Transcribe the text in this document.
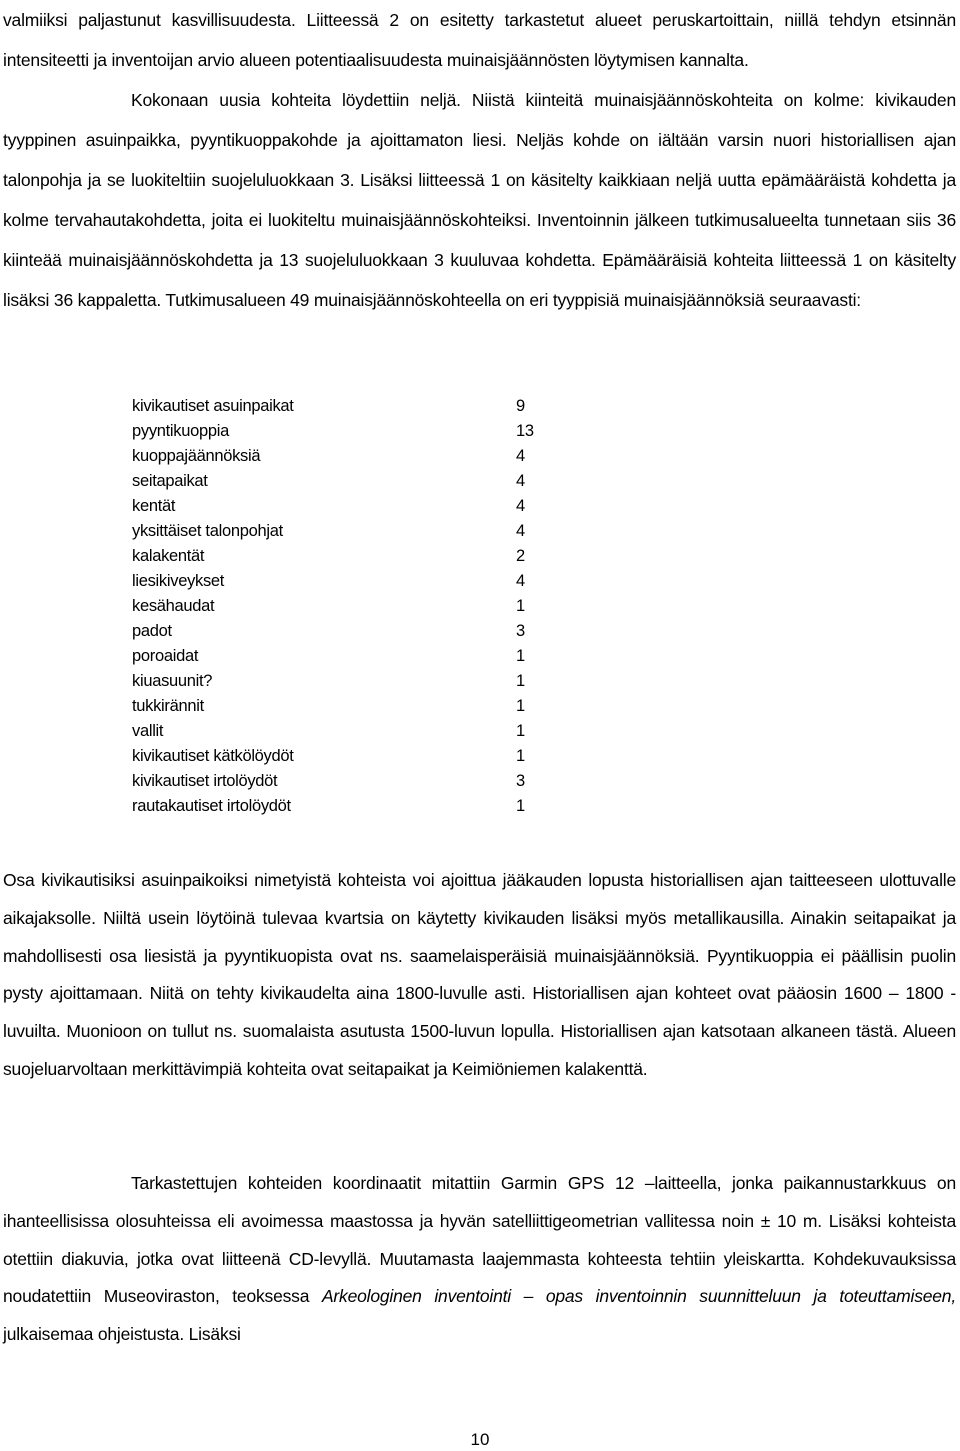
valmiiksi paljastunut kasvillisuudesta. Liitteessä 2 on esitetty tarkastetut alueet peruskartoittain, niillä tehdyn etsinnän intensiteetti ja inventoijan arvio alueen potentiaalisuudesta muinaisjäännösten löytymisen kannalta.
Kokonaan uusia kohteita löydettiin neljä. Niistä kiinteitä muinaisjäännöskohteita on kolme: kivikauden tyyppinen asuinpaikka, pyyntikuoppakohde ja ajoittamaton liesi. Neljäs kohde on iältään varsin nuori historiallisen ajan talonpohja ja se luokiteltiin suojeluluokkaan 3. Lisäksi liitteessä 1 on käsitelty kaikkiaan neljä uutta epämääräistä kohdetta ja kolme tervahautakohdetta, joita ei luokiteltu muinaisjäännöskohteiksi. Inventoinnin jälkeen tutkimusalueelta tunnetaan siis 36 kiinteää muinaisjäännöskohdetta ja 13 suojeluluokkaan 3 kuuluvaa kohdetta. Epämääräisiä kohteita liitteessä 1 on käsitelty lisäksi 36 kappaletta. Tutkimusalueen 49 muinaisjäännöskohteella on eri tyyppisiä muinaisjäännöksiä seuraavasti:
kivikautiset asuinpaikat	9
pyyntikuoppia	13
kuoppajäännöksiä	4
seitapaikat	4
kentät	4
yksittäiset talonpohjat	4
kalakentät	2
liesikiveykset	4
kesähaudat	1
padot	3
poroaidat	1
kiuasuunit?	1
tukkirännit	1
vallit	1
kivikautiset kätkölöydöt	1
kivikautiset irtolöydöt	3
rautakautiset irtolöydöt	1
Osa kivikautisiksi asuinpaikoiksi nimetyistä kohteista voi ajoittua jääkauden lopusta historiallisen ajan taitteeseen ulottuvalle aikajaksolle. Niiltä usein löytöinä tulevaa kvartsia on käytetty kivikauden lisäksi myös metallikausilla. Ainakin seitapaikat ja mahdollisesti osa liesistä ja pyyntikuopista ovat ns. saamelaisperäisiä muinaisjäännöksiä. Pyyntikuoppia ei päällisin puolin pysty ajoittamaan. Niitä on tehty kivikaudelta aina 1800-luvulle asti. Historiallisen ajan kohteet ovat pääosin 1600 – 1800 -luvuilta. Muonioon on tullut ns. suomalaista asutusta 1500-luvun lopulla. Historiallisen ajan katsotaan alkaneen tästä. Alueen suojeluarvoltaan merkittävimpiä kohteita ovat seitapaikat ja Keimiöniemen kalakenttä.
Tarkastettujen kohteiden koordinaatit mitattiin Garmin GPS 12 –laitteella, jonka paikannustarkkuus on ihanteellisissa olosuhteissa eli avoimessa maastossa ja hyvän satelliittigeometrian vallitessa noin ± 10 m. Lisäksi kohteista otettiin diakuvia, jotka ovat liitteenä CD-levyllä. Muutamasta laajemmasta kohteesta tehtiin yleiskartta. Kohdekuvauksissa noudatettiin Museoviraston, teoksessa Arkeologinen inventointi – opas inventoinnin suunnitteluun ja toteuttamiseen, julkaisemaa ohjeistusta. Lisäksi
10
